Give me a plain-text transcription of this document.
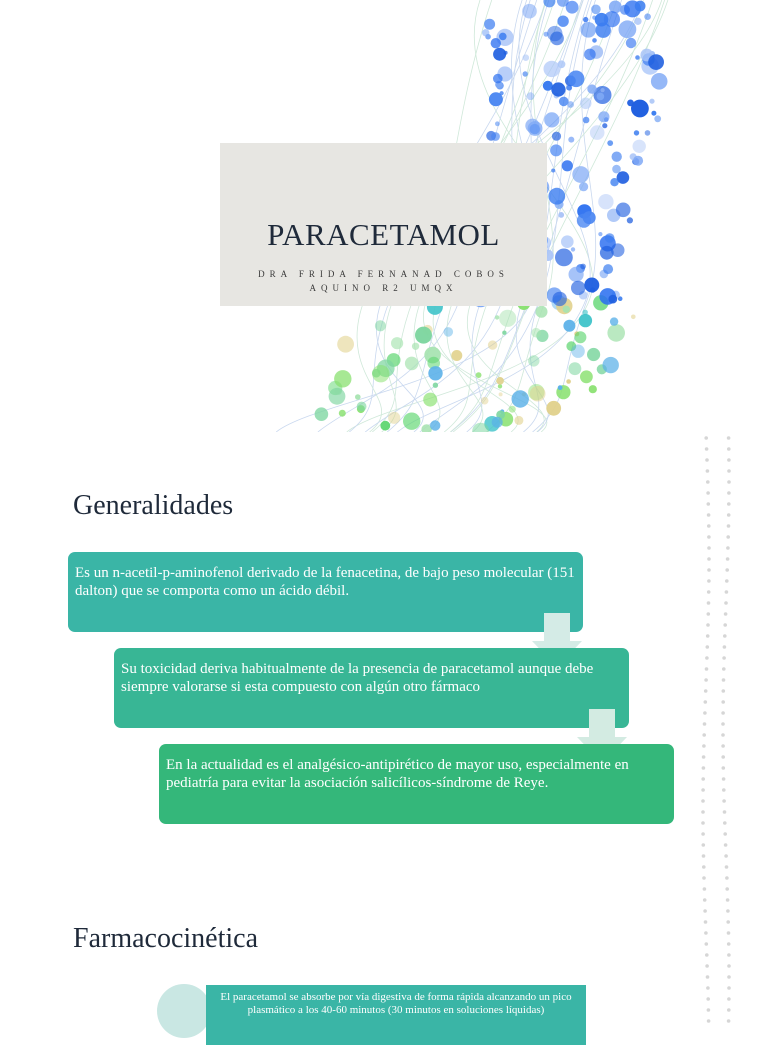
PARACETAMOL
DRA FRIDA FERNANAD COBOS AQUINO R2 UMQX
Generalidades
Es un n-acetil-p-aminofenol derivado de la fenacetina, de bajo peso molecular (151 dalton) que se comporta como un ácido débil.
Su toxicidad deriva habitualmente de la presencia de paracetamol aunque debe siempre valorarse si esta compuesto con algún otro fármaco
En la actualidad es el analgésico-antipirético de mayor uso, especialmente en pediatría para evitar la asociación salicílicos-síndrome de Reye.
Farmacocinética
El paracetamol se absorbe por vía digestiva de forma rápida alcanzando un pico plasmático a los 40-60 minutos (30 minutos en soluciones líquidas)
